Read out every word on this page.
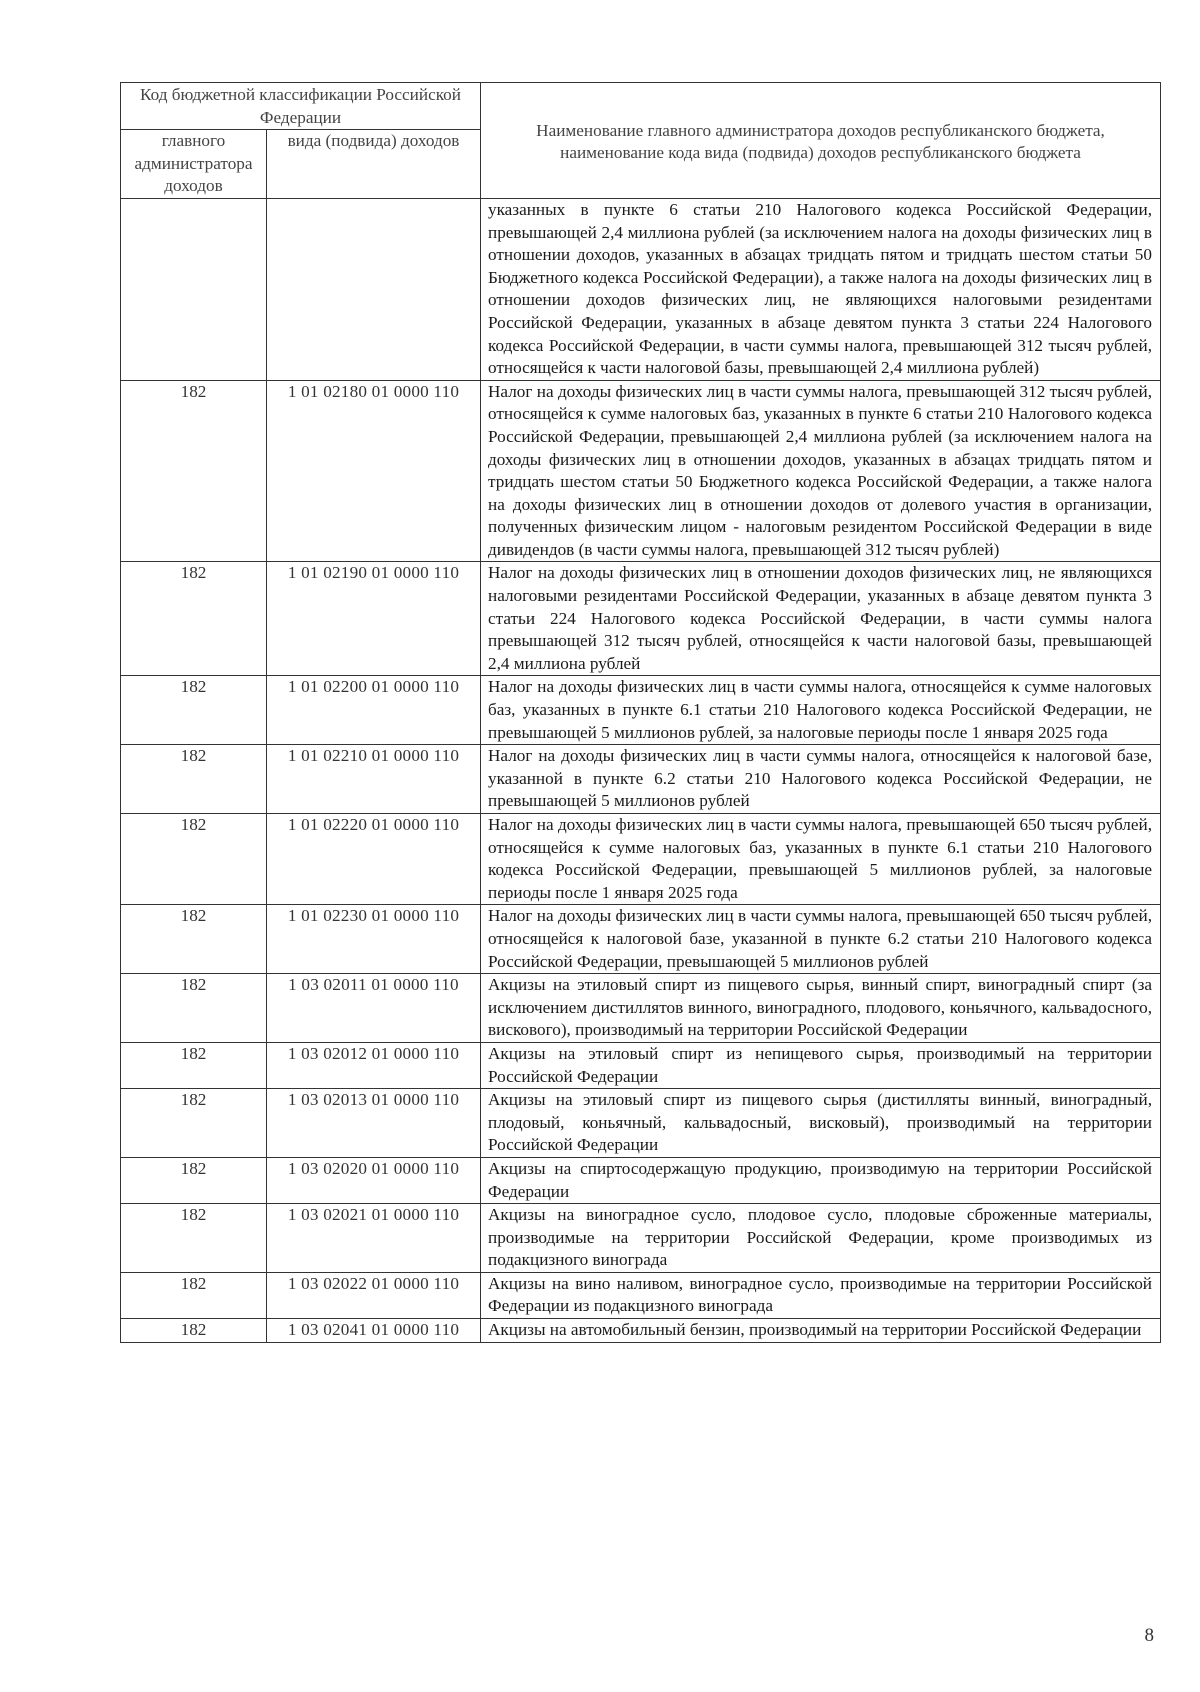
Код бюджетной классификации Российской Федерации		Наименование главного администратора доходов республиканского бюджета, наименование кода вида (подвида) доходов республиканского бюджета
главного администратора доходов	вида (подвида) доходов	
		указанных в пункте 6 статьи 210 Налогового кодекса Российской Федерации, превышающей 2,4 миллиона рублей (за исключением налога на доходы физических лиц в отношении доходов, указанных в абзацах тридцать пятом и тридцать шестом статьи 50 Бюджетного кодекса Российской Федерации), а также налога на доходы физических лиц в отношении доходов физических лиц, не являющихся налоговыми резидентами Российской Федерации, указанных в абзаце девятом пункта 3 статьи 224 Налогового кодекса Российской Федерации, в части суммы налога, превышающей 312 тысяч рублей, относящейся к части налоговой базы, превышающей 2,4 миллиона рублей)
182	1 01 02180 01 0000 110	Налог на доходы физических лиц в части суммы налога, превышающей 312 тысяч рублей, относящейся к сумме налоговых баз, указанных в пункте 6 статьи 210 Налогового кодекса Российской Федерации, превышающей 2,4 миллиона рублей (за исключением налога на доходы физических лиц в отношении доходов, указанных в абзацах тридцать пятом и тридцать шестом статьи 50 Бюджетного кодекса Российской Федерации, а также налога на доходы физических лиц в отношении доходов от долевого участия в организации, полученных физическим лицом - налоговым резидентом Российской Федерации в виде дивидендов (в части суммы налога, превышающей 312 тысяч рублей)
182	1 01 02190 01 0000 110	Налог на доходы физических лиц в отношении доходов физических лиц, не являющихся налоговыми резидентами Российской Федерации, указанных в абзаце девятом пункта 3 статьи 224 Налогового кодекса Российской Федерации, в части суммы налога превышающей 312 тысяч рублей, относящейся к части налоговой базы, превышающей 2,4 миллиона рублей
182	1 01 02200 01 0000 110	Налог на доходы физических лиц в части суммы налога, относящейся к сумме налоговых баз, указанных в пункте 6.1 статьи 210 Налогового кодекса Российской Федерации, не превышающей 5 миллионов рублей, за налоговые периоды после 1 января 2025 года
182	1 01 02210 01 0000 110	Налог на доходы физических лиц в части суммы налога, относящейся к налоговой базе, указанной в пункте 6.2 статьи 210 Налогового кодекса Российской Федерации, не превышающей 5 миллионов рублей
182	1 01 02220 01 0000 110	Налог на доходы физических лиц в части суммы налога, превышающей 650 тысяч рублей, относящейся к сумме налоговых баз, указанных в пункте 6.1 статьи 210 Налогового кодекса Российской Федерации, превышающей 5 миллионов рублей, за налоговые периоды после 1 января 2025 года
182	1 01 02230 01 0000 110	Налог на доходы физических лиц в части суммы налога, превышающей 650 тысяч рублей, относящейся к налоговой базе, указанной в пункте 6.2 статьи 210 Налогового кодекса Российской Федерации, превышающей 5 миллионов рублей
182	1 03 02011 01 0000 110	Акцизы на этиловый спирт из пищевого сырья, винный спирт, виноградный спирт (за исключением дистиллятов винного, виноградного, плодового, коньячного, кальвадосного, вискового), производимый на территории Российской Федерации
182	1 03 02012 01 0000 110	Акцизы на этиловый спирт из непищевого сырья, производимый на территории Российской Федерации
182	1 03 02013 01 0000 110	Акцизы на этиловый спирт из пищевого сырья (дистилляты винный, виноградный, плодовый, коньячный, кальвадосный, висковый), производимый на территории Российской Федерации
182	1 03 02020 01 0000 110	Акцизы на спиртосодержащую продукцию, производимую на территории Российской Федерации
182	1 03 02021 01 0000 110	Акцизы на виноградное сусло, плодовое сусло, плодовые сброженные материалы, производимые на территории Российской Федерации, кроме производимых из подакцизного винограда
182	1 03 02022 01 0000 110	Акцизы на вино наливом, виноградное сусло, производимые на территории Российской Федерации из подакцизного винограда
182	1 03 02041 01 0000 110	Акцизы на автомобильный бензин, производимый на территории Российской Федерации
8
